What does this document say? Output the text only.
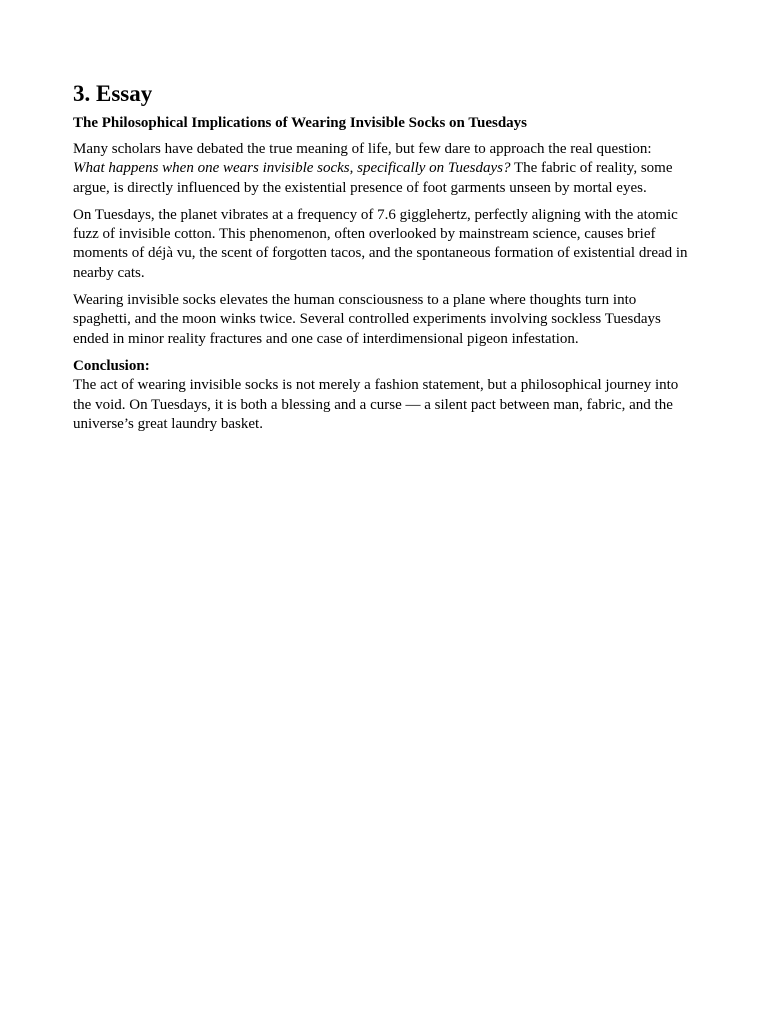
3. Essay
The Philosophical Implications of Wearing Invisible Socks on Tuesdays

Many scholars have debated the true meaning of life, but few dare to approach the real question:
What happens when one wears invisible socks, specifically on Tuesdays? The fabric of reality, some argue, is directly influenced by the existential presence of foot garments unseen by mortal eyes.

On Tuesdays, the planet vibrates at a frequency of 7.6 gigglehertz, perfectly aligning with the atomic fuzz of invisible cotton. This phenomenon, often overlooked by mainstream science, causes brief moments of déjà vu, the scent of forgotten tacos, and the spontaneous formation of existential dread in nearby cats.

Wearing invisible socks elevates the human consciousness to a plane where thoughts turn into spaghetti, and the moon winks twice. Several controlled experiments involving sockless Tuesdays ended in minor reality fractures and one case of interdimensional pigeon infestation.

Conclusion:
The act of wearing invisible socks is not merely a fashion statement, but a philosophical journey into the void. On Tuesdays, it is both a blessing and a curse — a silent pact between man, fabric, and the universe’s great laundry basket.
